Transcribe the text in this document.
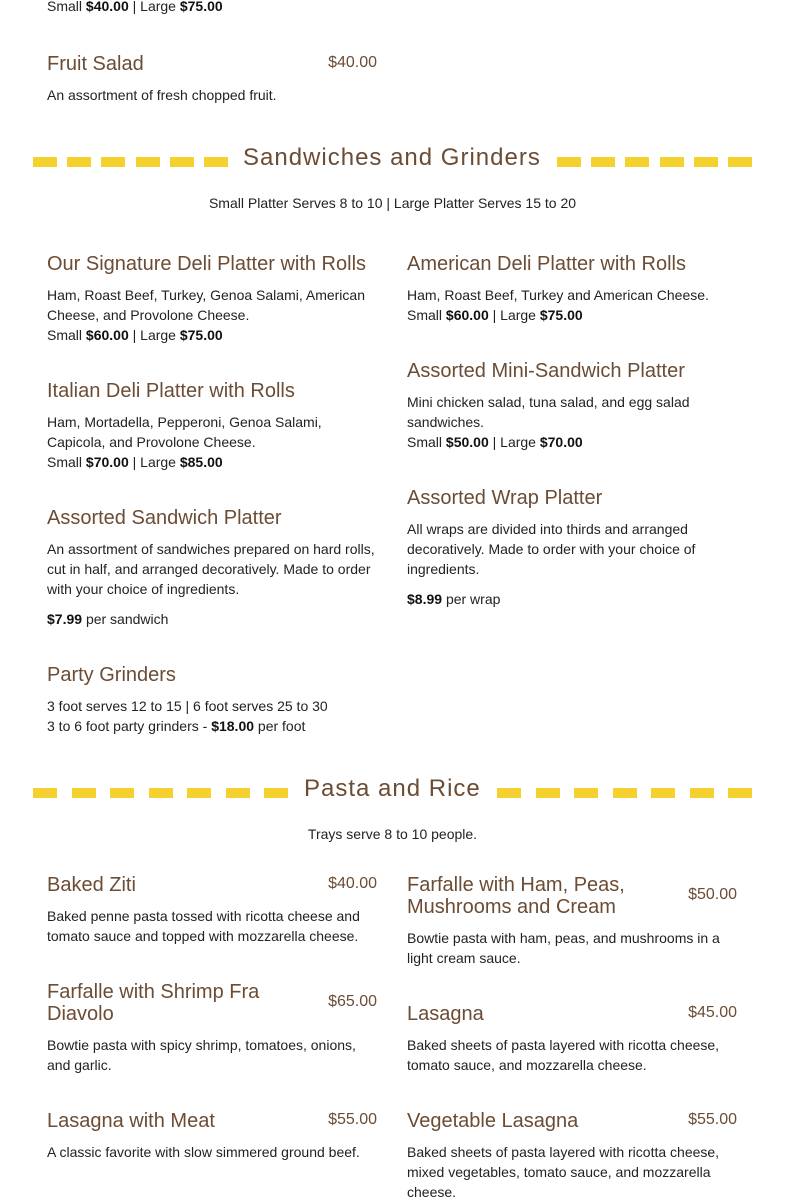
Small $40.00 | Large $75.00
Fruit Salad	$40.00
An assortment of fresh chopped fruit.
Sandwiches and Grinders
Small Platter Serves 8 to 10 | Large Platter Serves 15 to 20
Our Signature Deli Platter with Rolls
Ham, Roast Beef, Turkey, Genoa Salami, American Cheese, and Provolone Cheese.
Small $60.00 | Large $75.00
American Deli Platter with Rolls
Ham, Roast Beef, Turkey and American Cheese.
Small $60.00 | Large $75.00
Assorted Mini-Sandwich Platter
Mini chicken salad, tuna salad, and egg salad sandwiches.
Small $50.00 | Large $70.00
Italian Deli Platter with Rolls
Ham, Mortadella, Pepperoni, Genoa Salami, Capicola, and Provolone Cheese.
Small $70.00 | Large $85.00
Assorted Wrap Platter
All wraps are divided into thirds and arranged decoratively. Made to order with your choice of ingredients.
$8.99 per wrap
Assorted Sandwich Platter
An assortment of sandwiches prepared on hard rolls, cut in half, and arranged decoratively. Made to order with your choice of ingredients.
$7.99 per sandwich
Party Grinders
3 foot serves 12 to 15 | 6 foot serves 25 to 30
3 to 6 foot party grinders - $18.00 per foot
Pasta and Rice
Trays serve 8 to 10 people.
Baked Ziti	$40.00
Baked penne pasta tossed with ricotta cheese and tomato sauce and topped with mozzarella cheese.
Farfalle with Ham, Peas, Mushrooms and Cream
$50.00
Bowtie pasta with ham, peas, and mushrooms in a light cream sauce.
Farfalle with Shrimp Fra Diavolo
$65.00
Bowtie pasta with spicy shrimp, tomatoes, onions, and garlic.
Lasagna	$45.00
Baked sheets of pasta layered with ricotta cheese, tomato sauce, and mozzarella cheese.
Lasagna with Meat	$55.00
A classic favorite with slow simmered ground beef.
Vegetable Lasagna	$55.00
Baked sheets of pasta layered with ricotta cheese, mixed vegetables, tomato sauce, and mozzarella cheese.
